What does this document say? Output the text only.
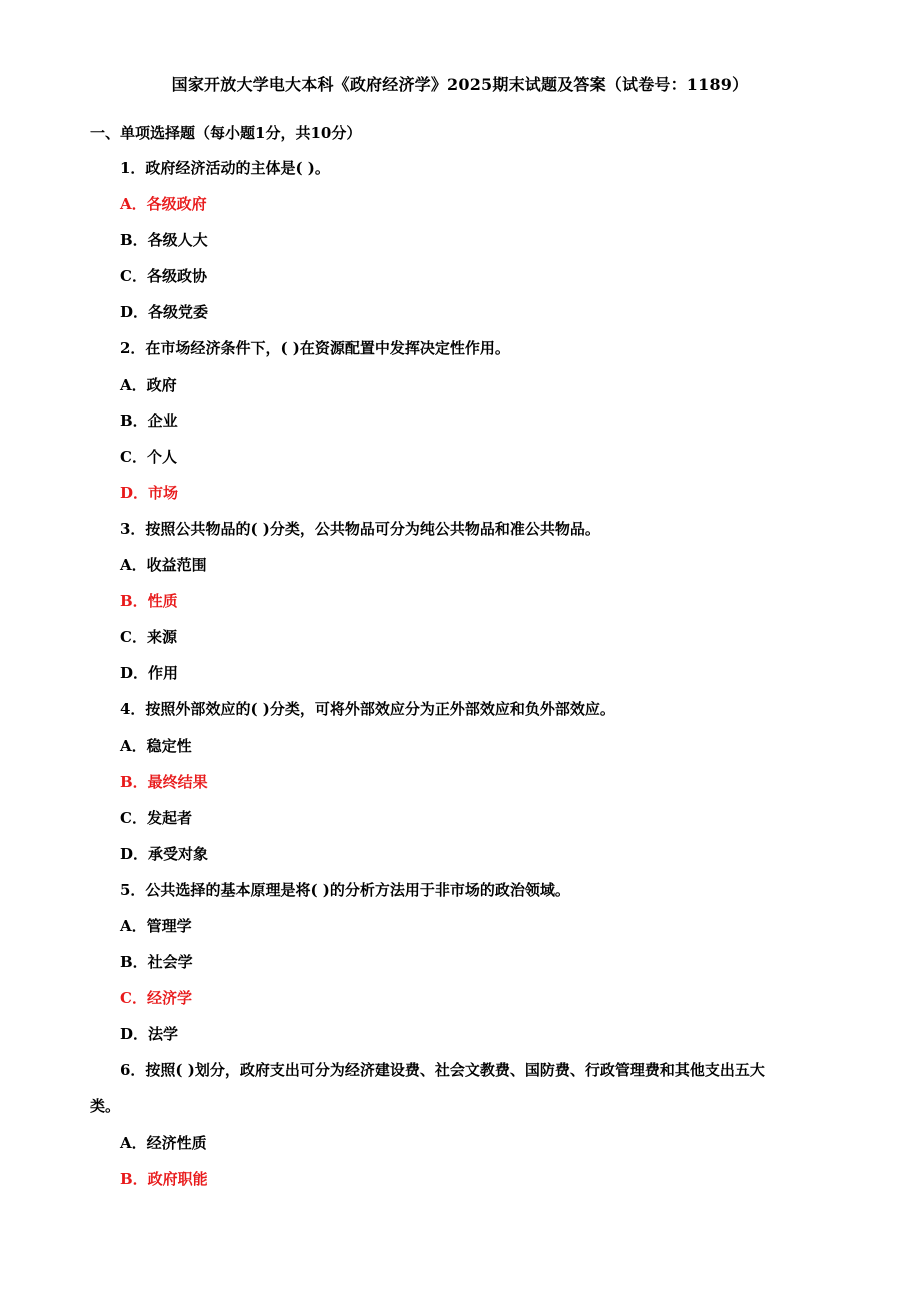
国家开放大学电大本科《政府经济学》2025期末试题及答案（试卷号：1189）
一、单项选择题（每小题1分，共10分）
1．政府经济活动的主体是( )。
A．各级政府
B．各级人大
C．各级政协
D．各级党委
2．在市场经济条件下，( )在资源配置中发挥决定性作用。
A．政府
B．企业
C．个人
D．市场
3．按照公共物品的( )分类，公共物品可分为纯公共物品和准公共物品。
A．收益范围
B．性质
C．来源
D．作用
4．按照外部效应的( )分类，可将外部效应分为正外部效应和负外部效应。
A．稳定性
B．最终结果
C．发起者
D．承受对象
5．公共选择的基本原理是将( )的分析方法用于非市场的政治领域。
A．管理学
B．社会学
C．经济学
D．法学
6．按照( )划分，政府支出可分为经济建设费、社会文教费、国防费、行政管理费和其他支出五大
类。
A．经济性质
B．政府职能
